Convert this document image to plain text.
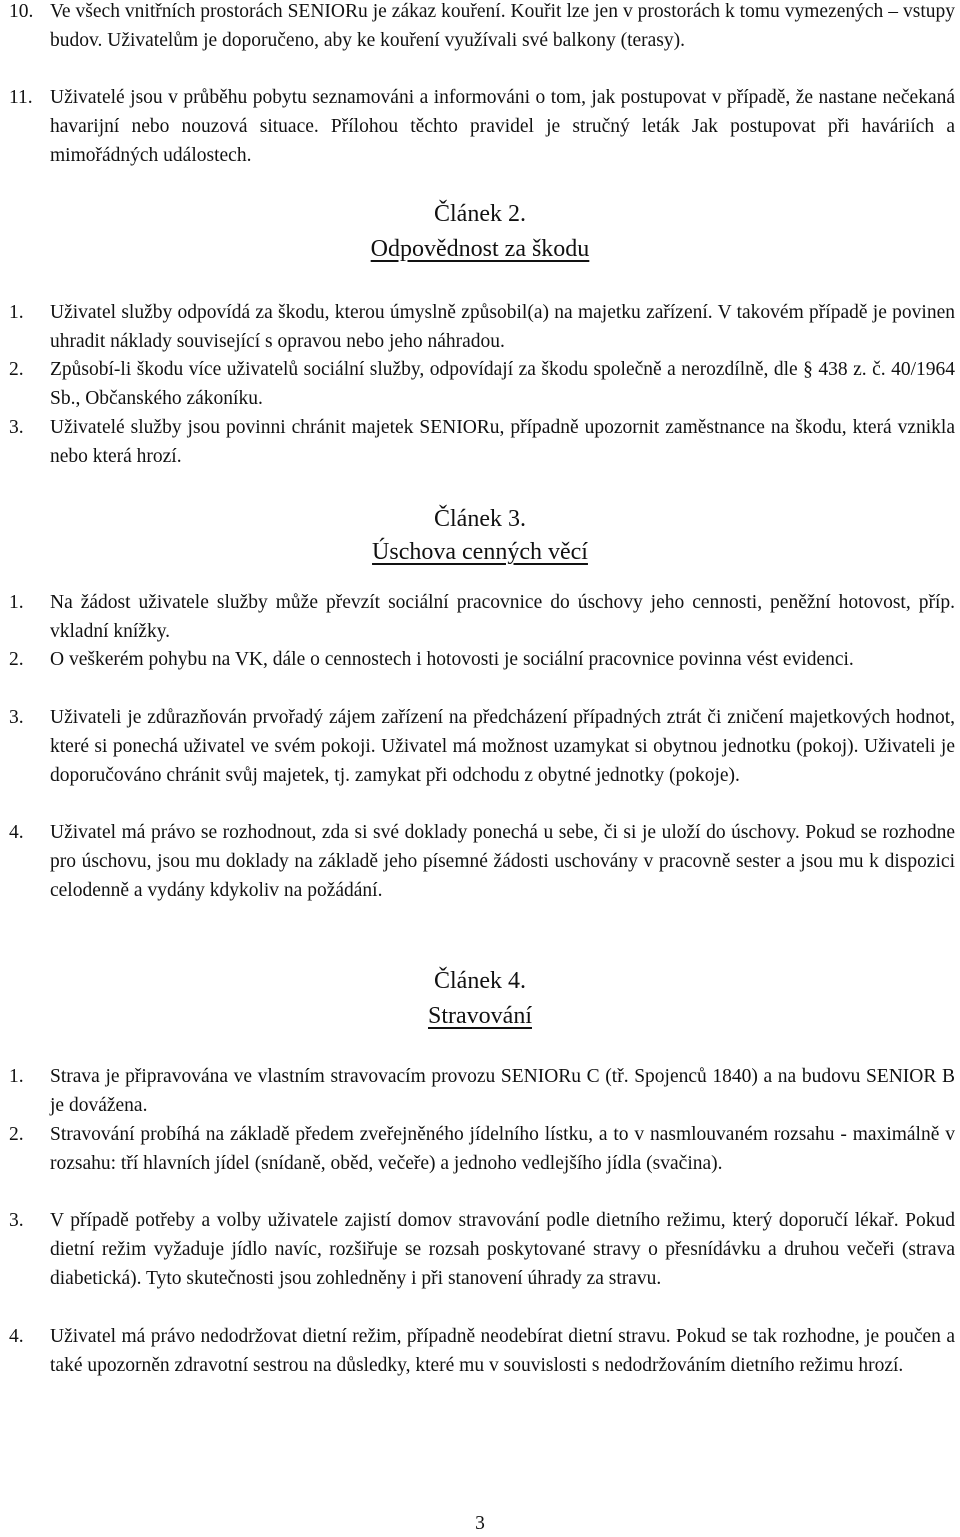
10. Ve všech vnitřních prostorách SENIORu je zákaz kouření. Kouřit lze jen v prostorách k tomu vymezených – vstupy budov. Uživatelům je doporučeno, aby ke kouření využívali své balkony (terasy).
11. Uživatelé jsou v průběhu pobytu seznamováni a informováni o tom, jak postupovat v případě, že nastane nečekaná havarijní nebo nouzová situace. Přílohou těchto pravidel je stručný leták Jak postupovat při haváriích a mimořádných událostech.
Článek 2.
Odpovědnost za škodu
1. Uživatel služby odpovídá za škodu, kterou úmyslně způsobil(a) na majetku zařízení. V takovém případě je povinen uhradit náklady související s opravou nebo jeho náhradou.
2. Způsobí-li škodu více uživatelů sociální služby, odpovídají za škodu společně a nerozdílně, dle § 438 z. č. 40/1964 Sb., Občanského zákoníku.
3. Uživatelé služby jsou povinni chránit majetek SENIORu, případně upozornit zaměstnance na škodu, která vznikla nebo která hrozí.
Článek 3.
Úschova cenných věcí
1. Na žádost uživatele služby může převzít sociální pracovnice do úschovy jeho cennosti, peněžní hotovost, příp. vkladní knížky.
2. O veškerém pohybu na VK, dále o cennostech i hotovosti je sociální pracovnice povinna vést evidenci.
3. Uživateli je zdůrazňován prvořadý zájem zařízení na předcházení případných ztrát či zničení majetkových hodnot, které si ponechá uživatel ve svém pokoji. Uživatel má možnost uzamykat si obytnou jednotku (pokoj). Uživateli je doporučováno chránit svůj majetek, tj. zamykat při odchodu z obytné jednotky (pokoje).
4. Uživatel má právo se rozhodnout, zda si své doklady ponechá u sebe, či si je uloží do úschovy. Pokud se rozhodne pro úschovu, jsou mu doklady na základě jeho písemné žádosti uschovány v pracovně sester a jsou mu k dispozici celodenně a vydány kdykoliv na požádání.
Článek 4.
Stravování
1. Strava je připravována ve vlastním stravovacím provozu SENIORu C (tř. Spojenců 1840) a na budovu SENIOR B je dovážena.
2. Stravování probíhá na základě předem zveřejněného jídelního lístku, a to v nasmlouvaném rozsahu - maximálně v rozsahu: tří hlavních jídel (snídaně, oběd, večeře) a jednoho vedlejšího jídla (svačina).
3. V případě potřeby a volby uživatele zajistí domov stravování podle dietního režimu, který doporučí lékař. Pokud dietní režim vyžaduje jídlo navíc, rozšiřuje se rozsah poskytované stravy o přesnídávku a druhou večeři (strava diabetická). Tyto skutečnosti jsou zohledněny i při stanovení úhrady za stravu.
4. Uživatel má právo nedodržovat dietní režim, případně neodebírat dietní stravu. Pokud se tak rozhodne, je poučen a také upozorněn zdravotní sestrou na důsledky, které mu v souvislosti s nedodržováním dietního režimu hrozí.
3
